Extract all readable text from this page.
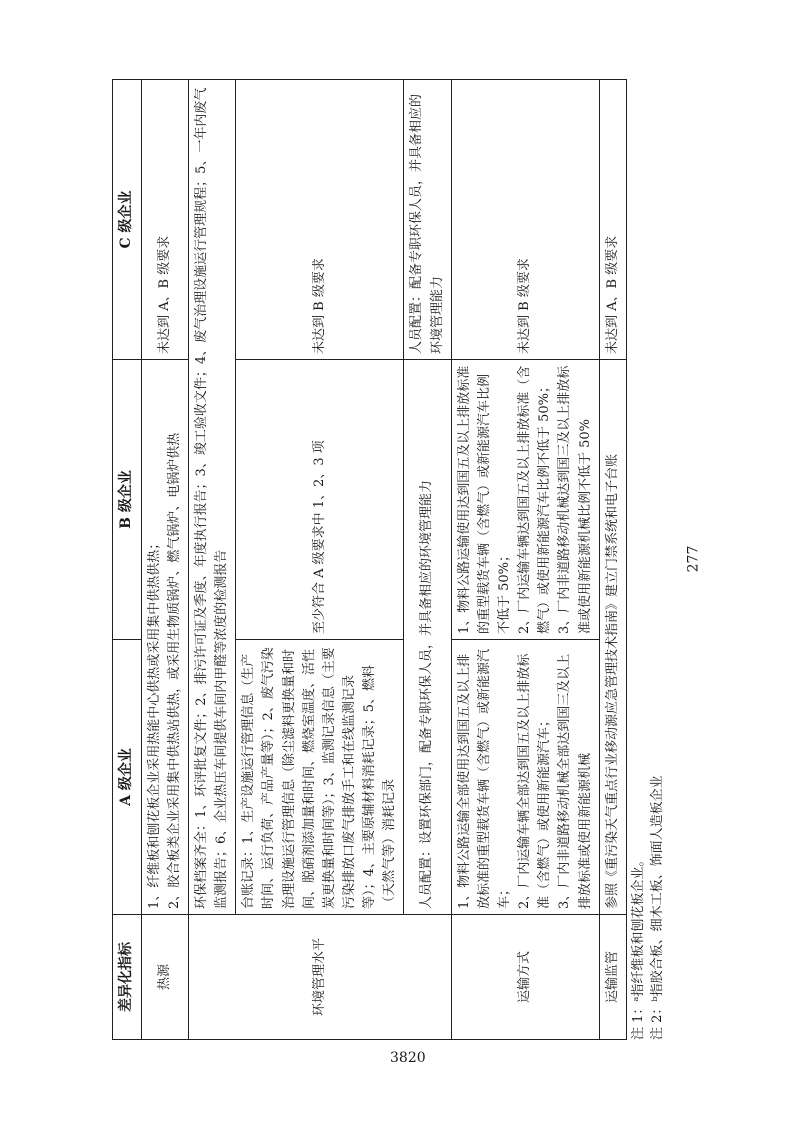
差异化指标	A 级企业	B 级企业	C 级企业
热源	1、纤维板和刨花板企业采用热能中心供热或采用集中供热供热； 2、胶合板类企业采用集中供热站供热，或采用生物质锅炉、燃气锅炉、电锅炉供热		未达到 A、B 级要求
环境管理水平	环保档案齐全：1、环评批复文件；2、排污许可证及季度、年度执行报告；3、竣工验收文件；4、废气治理设施运行管理规程；5、一年内废气监测报告；6、企业热压车间提供车间内甲醛等浓度的检测报告		
	台账记录：1、生产设施运行管理信息（生产时间、运行负荷、产品产量等）；2、废气污染治理设施运行管理信息（除尘滤料更换量和时间、脱硝剂添加量和时间、燃烧室温度、活性炭更换量和时间等）；3、监测记录信息（主要污染排放口废气排放手工和在线监测记录等）；4、主要原辅材料消耗记录；5、燃料（天然气等）消耗记录	至少符合 A 级要求中 1、2、3 项	未达到 B 级要求
	人员配置：设置环保部门，配备专职环保人员，并具备相应的环境管理能力		人员配置：配备专职环保人员，并具备相应的环境管理能力
运输方式	1、物料公路运输全部使用达到国五及以上排放标准的重型载货车辆（含燃气）或新能源汽车； 2、厂内运输车辆全部达到国五及以上排放标准（含燃气）或使用新能源汽车； 3、厂内非道路移动机械全部达到国三及以上排放标准或使用新能源机械	1、物料公路运输使用达到国五及以上排放标准的重型载货车辆（含燃气）或新能源汽车比例不低于 50%； 2、厂内运输车辆达到国五及以上排放标准（含燃气）或使用新能源汽车比例不低于 50%； 3、厂内非道路移动机械达到国三及以上排放标准或使用新能源机械比例不低于 50%	未达到 B 级要求
运输监管	参照《重污染天气重点行业移动源应急管理技术指南》建立门禁系统和电子台账		未达到 A、B 级要求
注 1：ᵃ指纤维板和刨花板企业。 注 2：ᵇ指胶合板、细木工板、饰面人造板企业
3820
277
